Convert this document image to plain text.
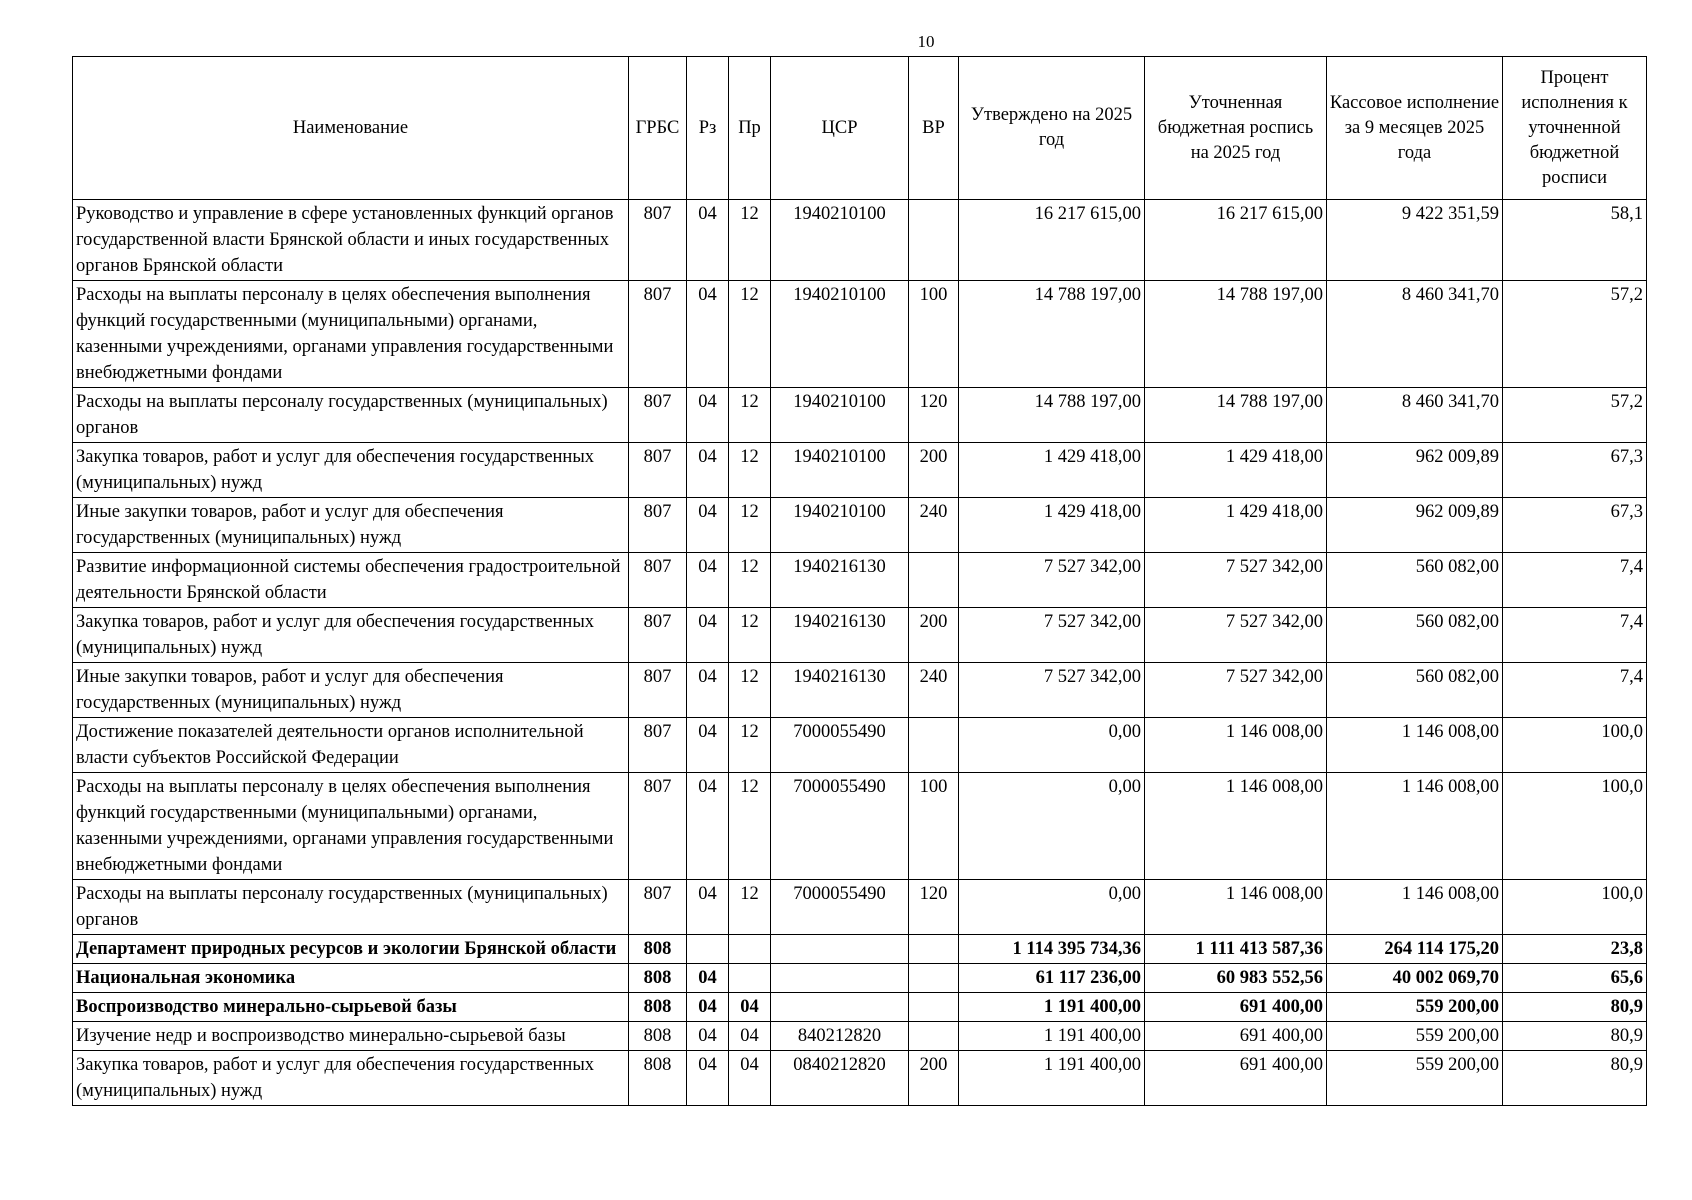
10
Наименование	ГРБС	Рз	Пр	ЦСР	ВР	Утверждено на 2025 год	Уточненная бюджетная роспись на 2025 год	Кассовое исполнение за 9 месяцев 2025 года	Процент исполнения к уточненной бюджетной росписи
Руководство и управление в сфере установленных функций органов государственной власти Брянской области и иных государственных органов Брянской области	807	04	12	1940210100		16 217 615,00	16 217 615,00	9 422 351,59	58,1
Расходы на выплаты персоналу в целях обеспечения выполнения функций государственными (муниципальными) органами, казенными учреждениями, органами управления государственными внебюджетными фондами	807	04	12	1940210100	100	14 788 197,00	14 788 197,00	8 460 341,70	57,2
Расходы на выплаты персоналу государственных (муниципальных) органов	807	04	12	1940210100	120	14 788 197,00	14 788 197,00	8 460 341,70	57,2
Закупка товаров, работ и услуг для обеспечения государственных (муниципальных) нужд	807	04	12	1940210100	200	1 429 418,00	1 429 418,00	962 009,89	67,3
Иные закупки товаров, работ и услуг для обеспечения государственных (муниципальных) нужд	807	04	12	1940210100	240	1 429 418,00	1 429 418,00	962 009,89	67,3
Развитие информационной системы обеспечения градостроительной деятельности Брянской области	807	04	12	1940216130		7 527 342,00	7 527 342,00	560 082,00	7,4
Закупка товаров, работ и услуг для обеспечения государственных (муниципальных) нужд	807	04	12	1940216130	200	7 527 342,00	7 527 342,00	560 082,00	7,4
Иные закупки товаров, работ и услуг для обеспечения государственных (муниципальных) нужд	807	04	12	1940216130	240	7 527 342,00	7 527 342,00	560 082,00	7,4
Достижение показателей деятельности органов исполнительной власти субъектов Российской Федерации	807	04	12	7000055490		0,00	1 146 008,00	1 146 008,00	100,0
Расходы на выплаты персоналу в целях обеспечения выполнения функций государственными (муниципальными) органами, казенными учреждениями, органами управления государственными внебюджетными фондами	807	04	12	7000055490	100	0,00	1 146 008,00	1 146 008,00	100,0
Расходы на выплаты персоналу государственных (муниципальных) органов	807	04	12	7000055490	120	0,00	1 146 008,00	1 146 008,00	100,0
Департамент природных ресурсов и экологии Брянской области	808					1 114 395 734,36	1 111 413 587,36	264 114 175,20	23,8
Национальная экономика	808	04				61 117 236,00	60 983 552,56	40 002 069,70	65,6
Воспроизводство минерально-сырьевой базы	808	04	04			1 191 400,00	691 400,00	559 200,00	80,9
Изучение недр и воспроизводство минерально-сырьевой базы	808	04	04	840212820		1 191 400,00	691 400,00	559 200,00	80,9
Закупка товаров, работ и услуг для обеспечения государственных (муниципальных) нужд	808	04	04	0840212820	200	1 191 400,00	691 400,00	559 200,00	80,9
